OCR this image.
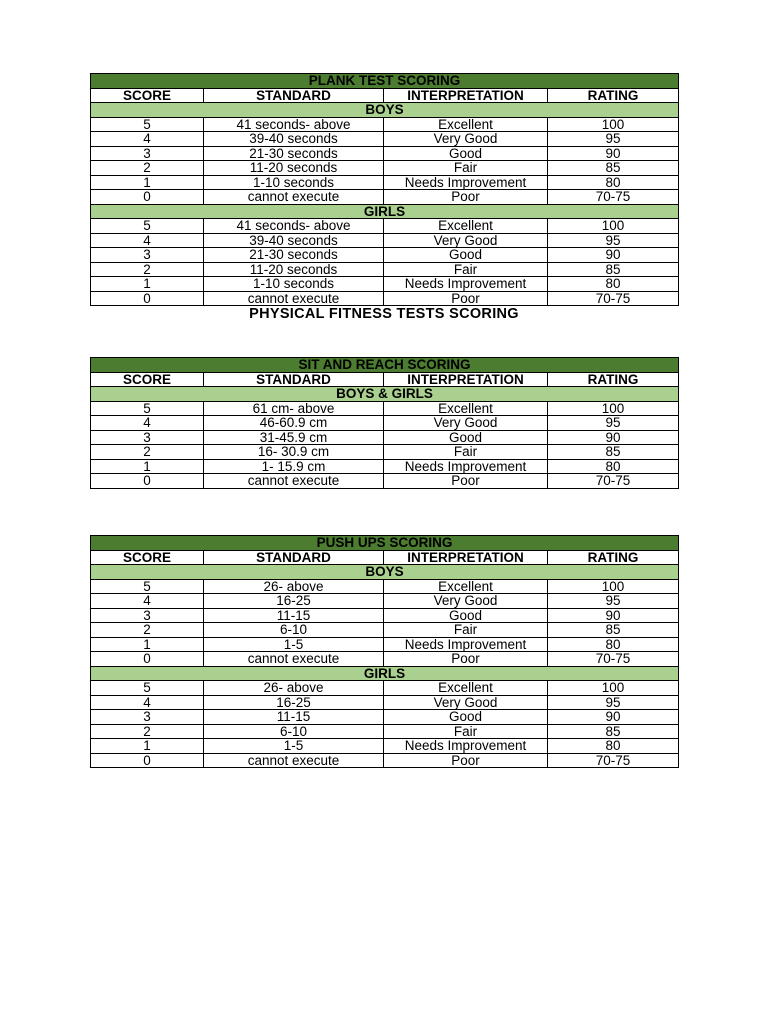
PLANK TEST SCORING			
SCORE	STANDARD	INTERPRETATION	RATING
BOYS			
5	41 seconds- above	Excellent	100
4	39-40 seconds	Very Good	95
3	21-30 seconds	Good	90
2	11-20 seconds	Fair	85
1	1-10 seconds	Needs Improvement	80
0	cannot execute	Poor	70-75
GIRLS			
5	41 seconds- above	Excellent	100
4	39-40 seconds	Very Good	95
3	21-30 seconds	Good	90
2	11-20 seconds	Fair	85
1	1-10 seconds	Needs Improvement	80
0	cannot execute	Poor	70-75
PHYSICAL FITNESS TESTS SCORING
SIT AND REACH SCORING			
SCORE	STANDARD	INTERPRETATION	RATING
BOYS & GIRLS			
5	61 cm- above	Excellent	100
4	46-60.9 cm	Very Good	95
3	31-45.9 cm	Good	90
2	16- 30.9 cm	Fair	85
1	1- 15.9 cm	Needs Improvement	80
0	cannot execute	Poor	70-75
PUSH UPS SCORING			
SCORE	STANDARD	INTERPRETATION	RATING
BOYS			
5	26- above	Excellent	100
4	16-25	Very Good	95
3	11-15	Good	90
2	6-10	Fair	85
1	1-5	Needs Improvement	80
0	cannot execute	Poor	70-75
GIRLS			
5	26- above	Excellent	100
4	16-25	Very Good	95
3	11-15	Good	90
2	6-10	Fair	85
1	1-5	Needs Improvement	80
0	cannot execute	Poor	70-75
